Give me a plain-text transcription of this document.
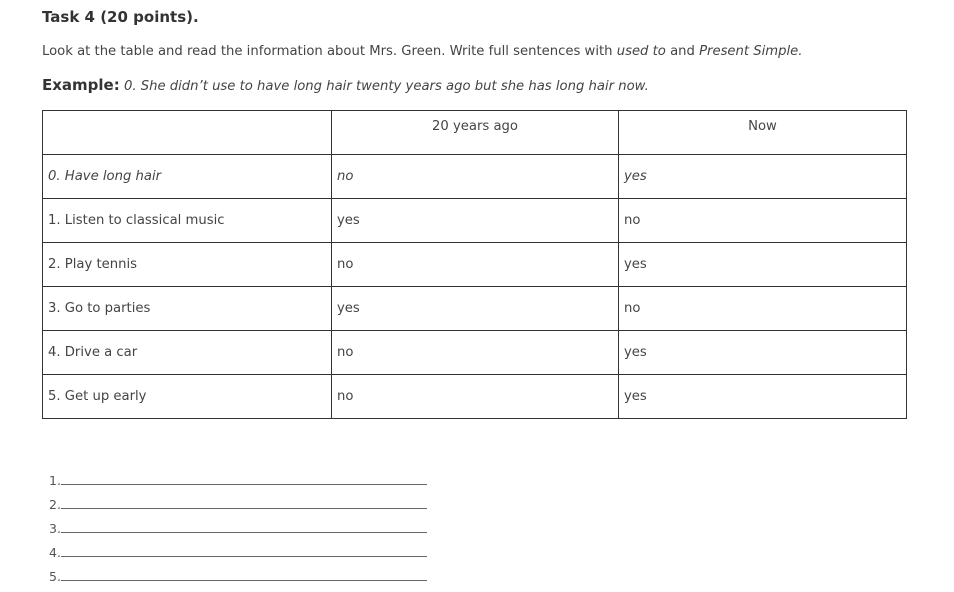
Task 4 (20 points).
Look at the table and read the information about Mrs. Green. Write full sentences with used to and Present Simple.
Example: 0. She didn’t use to have long hair twenty years ago but she has long hair now.
	20 years ago	Now
0. Have long hair	no	yes
1. Listen to classical music	yes	no
2. Play tennis	no	yes
3. Go to parties	yes	no
4. Drive a car	no	yes
5. Get up early	no	yes
1.
2.
3.
4.
5.
